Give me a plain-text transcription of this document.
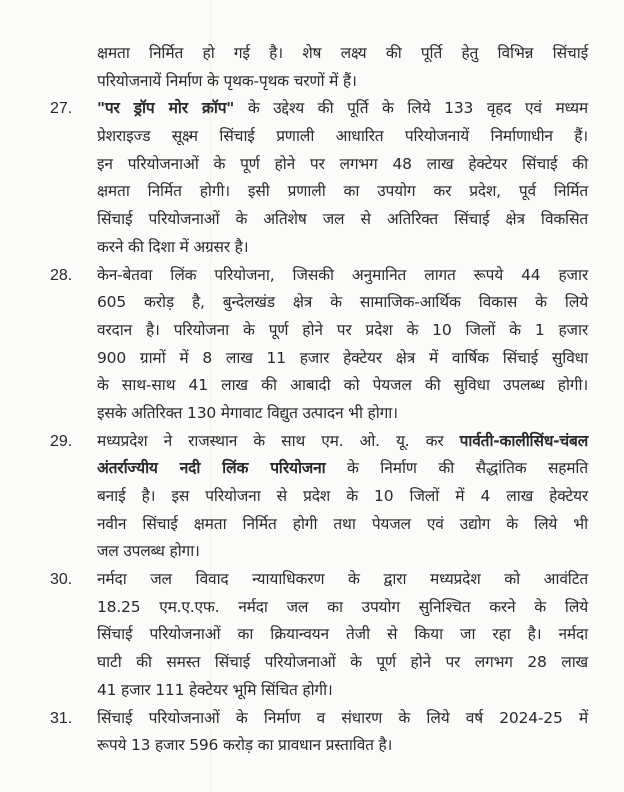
क्षमता निर्मित हो गई है। शेष लक्ष्य की पूर्ति हेतु विभिन्न सिंचाई
परियोजनायें निर्माण के पृथक-पृथक चरणों में हैं।
27. "पर ड्रॉप मोर क्रॉप" के उद्देश्य की पूर्ति के लिये 133 वृहद एवं मध्यम
प्रेशराइज्ड सूक्ष्म सिंचाई प्रणाली आधारित परियोजनायें निर्माणाधीन हैं।
इन परियोजनाओं के पूर्ण होने पर लगभग 48 लाख हेक्टेयर सिंचाई की
क्षमता निर्मित होगी। इसी प्रणाली का उपयोग कर प्रदेश, पूर्व निर्मित
सिंचाई परियोजनाओं के अतिशेष जल से अतिरिक्त सिंचाई क्षेत्र विकसित
करने की दिशा में अग्रसर है।
28. केन-बेतवा लिंक परियोजना, जिसकी अनुमानित लागत रूपये 44 हजार
605 करोड़ है, बुन्देलखंड क्षेत्र के सामाजिक-आर्थिक विकास के लिये
वरदान है। परियोजना के पूर्ण होने पर प्रदेश के 10 जिलों के 1 हजार
900 ग्रामों में 8 लाख 11 हजार हेक्टेयर क्षेत्र में वार्षिक सिंचाई सुविधा
के साथ-साथ 41 लाख की आबादी को पेयजल की सुविधा उपलब्ध होगी।
इसके अतिरिक्त 130 मेगावाट विद्युत उत्पादन भी होगा।
29. मध्यप्रदेश ने राजस्थान के साथ एम. ओ. यू. कर पार्वती-कालीसिंध-चंबल
अंतर्राज्यीय नदी लिंक परियोजना के निर्माण की सैद्धांतिक सहमति
बनाई है। इस परियोजना से प्रदेश के 10 जिलों में 4 लाख हेक्टेयर
नवीन सिंचाई क्षमता निर्मित होगी तथा पेयजल एवं उद्योग के लिये भी
जल उपलब्ध होगा।
30. नर्मदा जल विवाद न्यायाधिकरण के द्वारा मध्यप्रदेश को आवंटित
18.25 एम.ए.एफ. नर्मदा जल का उपयोग सुनिश्चित करने के लिये
सिंचाई परियोजनाओं का क्रियान्वयन तेजी से किया जा रहा है। नर्मदा
घाटी की समस्त सिंचाई परियोजनाओं के पूर्ण होने पर लगभग 28 लाख
41 हजार 111 हेक्टेयर भूमि सिंचित होगी।
31. सिंचाई परियोजनाओं के निर्माण व संधारण के लिये वर्ष 2024-25 में
रूपये 13 हजार 596 करोड़ का प्रावधान प्रस्तावित है।
